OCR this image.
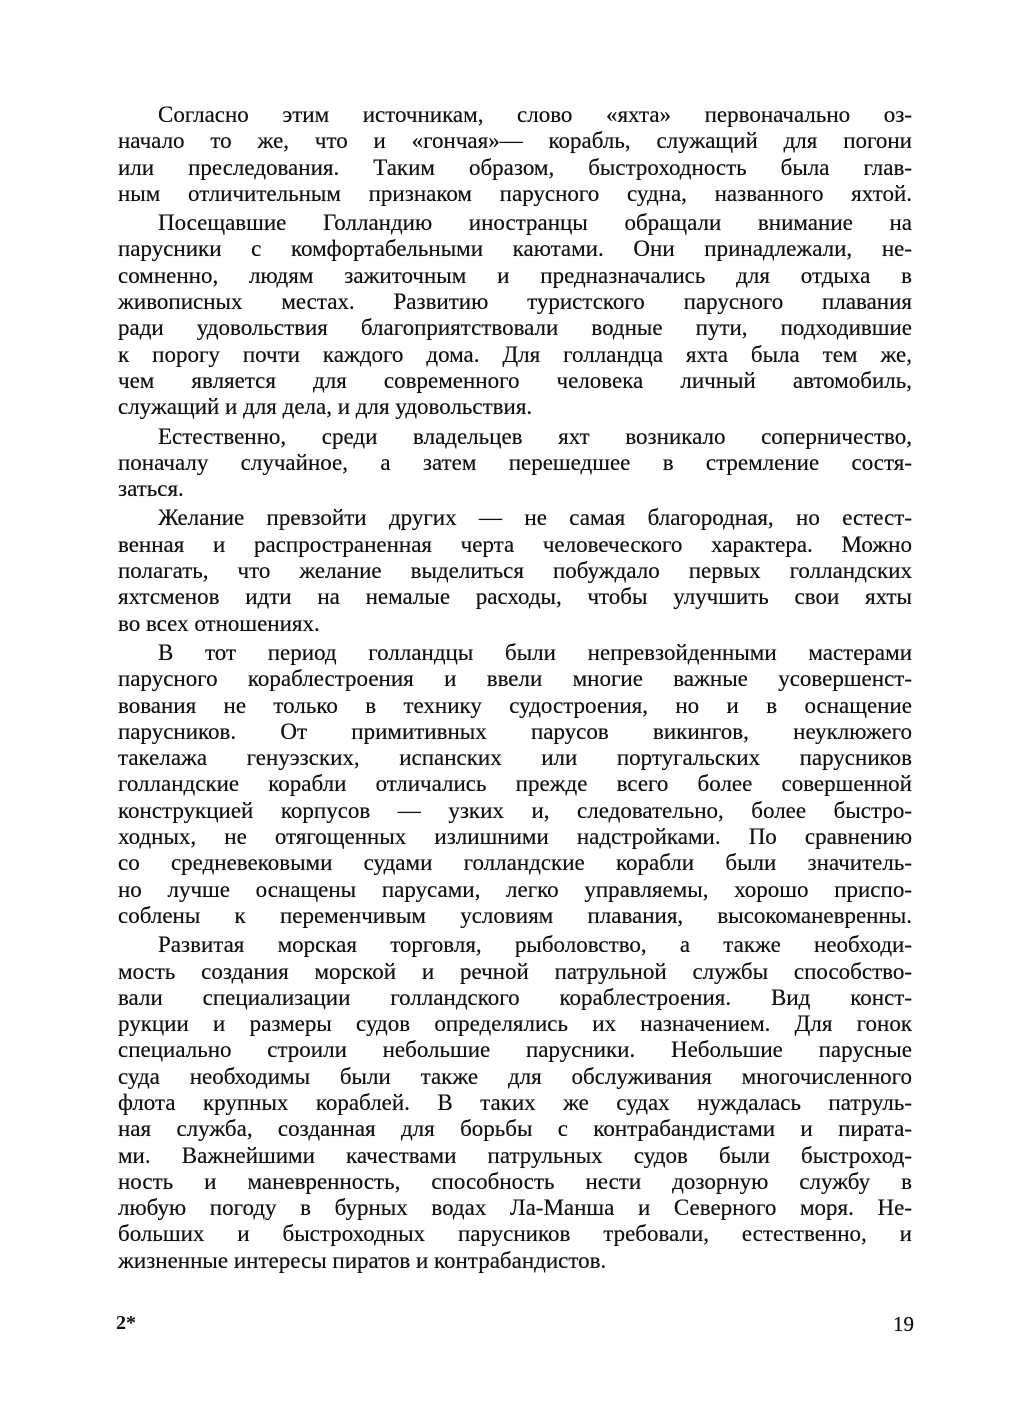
Согласно этим источникам, слово «яхта» первоначально оз-
начало то же, что и «гончая»— корабль, служащий для погони
или преследования. Таким образом, быстроходность была глав-
ным отличительным признаком парусного судна, названного яхтой.
Посещавшие Голландию иностранцы обращали внимание на
парусники с комфортабельными каютами. Они принадлежали, не-
сомненно, людям зажиточным и предназначались для отдыха в
живописных местах. Развитию туристского парусного плавания
ради удовольствия благоприятствовали водные пути, подходившие
к порогу почти каждого дома. Для голландца яхта была тем же,
чем является для современного человека личный автомобиль,
служащий и для дела, и для удовольствия.
Естественно, среди владельцев яхт возникало соперничество,
поначалу случайное, а затем перешедшее в стремление состя-
заться.
Желание превзойти других — не самая благородная, но естест-
венная и распространенная черта человеческого характера. Можно
полагать, что желание выделиться побуждало первых голландских
яхтсменов идти на немалые расходы, чтобы улучшить свои яхты
во всех отношениях.
В тот период голландцы были непревзойденными мастерами
парусного кораблестроения и ввели многие важные усовершенст-
вования не только в технику судостроения, но и в оснащение
парусников. От примитивных парусов викингов, неуклюжего
такелажа генуэзских, испанских или португальских парусников
голландские корабли отличались прежде всего более совершенной
конструкцией корпусов — узких и, следовательно, более быстро-
ходных, не отягощенных излишними надстройками. По сравнению
со средневековыми судами голландские корабли были значитель-
но лучше оснащены парусами, легко управляемы, хорошо приспо-
соблены к переменчивым условиям плавания, высокоманевренны.
Развитая морская торговля, рыболовство, а также необходи-
мость создания морской и речной патрульной службы способство-
вали специализации голландского кораблестроения. Вид конст-
рукции и размеры судов определялись их назначением. Для гонок
специально строили небольшие парусники. Небольшие парусные
суда необходимы были также для обслуживания многочисленного
флота крупных кораблей. В таких же судах нуждалась патруль-
ная служба, созданная для борьбы с контрабандистами и пирата-
ми. Важнейшими качествами патрульных судов были быстроход-
ность и маневренность, способность нести дозорную службу в
любую погоду в бурных водах Ла-Манша и Северного моря. Не-
больших и быстроходных парусников требовали, естественно, и
жизненные интересы пиратов и контрабандистов.
2*	19
